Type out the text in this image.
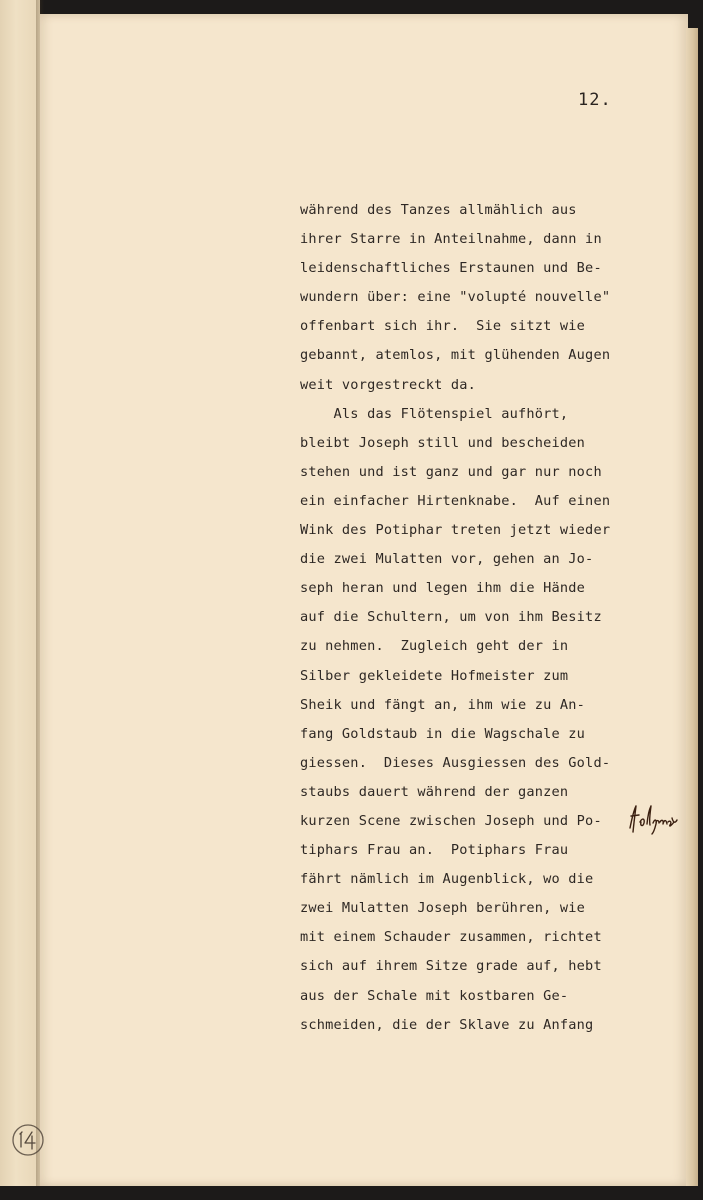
12.
während des Tanzes allmählich aus
ihrer Starre in Anteilnahme, dann in
leidenschaftliches Erstaunen und Be-
wundern über: eine "volupté nouvelle"
offenbart sich ihr.  Sie sitzt wie
gebannt, atemlos, mit glühenden Augen
weit vorgestreckt da.
Als das Flötenspiel aufhört,
bleibt Joseph still und bescheiden
stehen und ist ganz und gar nur noch
ein einfacher Hirtenknabe.  Auf einen
Wink des Potiphar treten jetzt wieder
die zwei Mulatten vor, gehen an Jo-
seph heran und legen ihm die Hände
auf die Schultern, um von ihm Besitz
zu nehmen.  Zugleich geht der in
Silber gekleidete Hofmeister zum
Sheik und fängt an, ihm wie zu An-
fang Goldstaub in die Wagschale zu
giessen.  Dieses Ausgiessen des Gold-
staubs dauert während der ganzen
kurzen Scene zwischen Joseph und Po-
tiphars Frau an.  Potiphars Frau
fährt nämlich im Augenblick, wo die
zwei Mulatten Joseph berühren, wie
mit einem Schauder zusammen, richtet
sich auf ihrem Sitze grade auf, hebt
aus der Schale mit kostbaren Ge-
schmeiden, die der Sklave zu Anfang
